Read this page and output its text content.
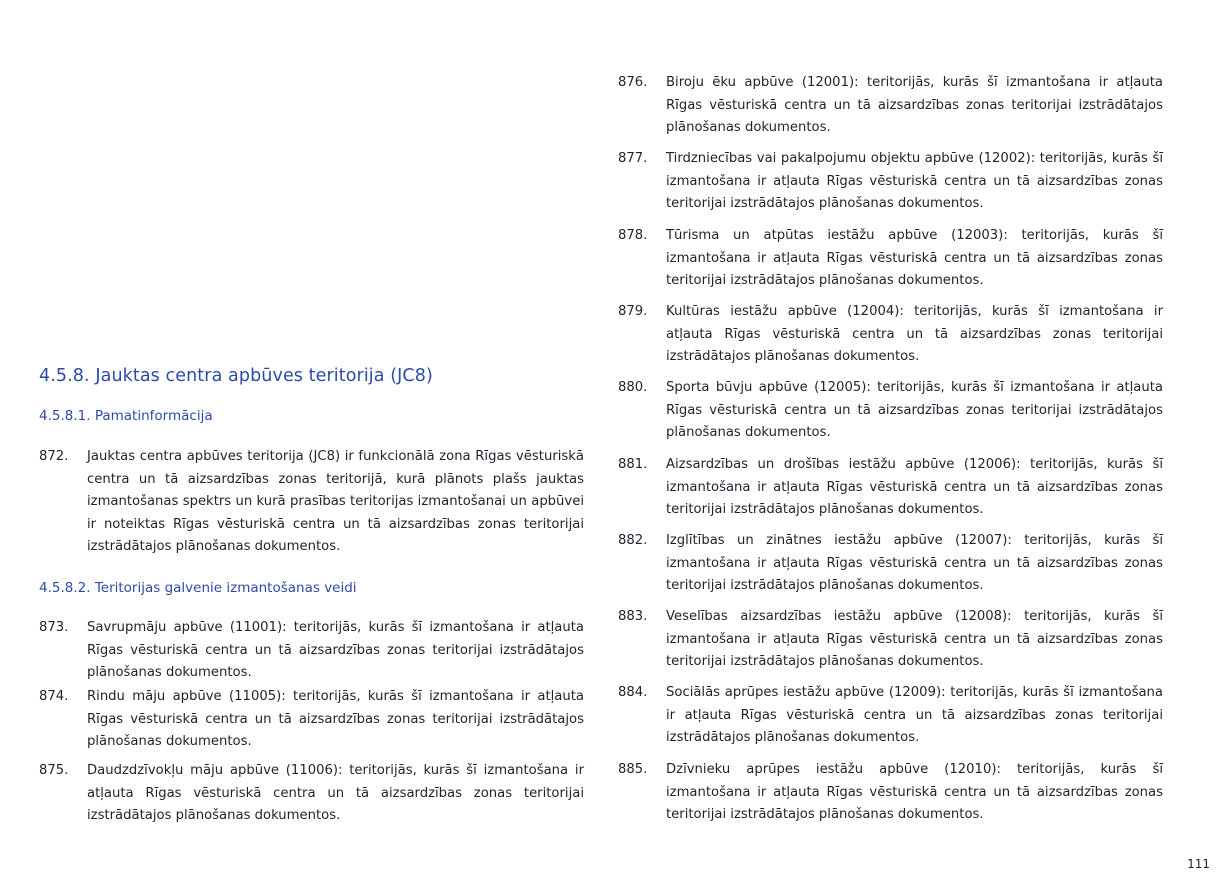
4.5.8. Jauktas centra apbūves teritorija (JC8)
4.5.8.1. Pamatinformācija
872.	Jauktas centra apbūves teritorija (JC8) ir funkcionālā zona Rīgas vēsturiskā centra un tā aizsardzības zonas teritorijā, kurā plānots plašs jauktas izmantošanas spektrs un kurā prasības teritorijas izmantošanai un apbūvei ir noteiktas Rīgas vēsturiskā centra un tā aizsardzības zonas teritorijai izstrādātajos plānošanas dokumentos.
4.5.8.2. Teritorijas galvenie izmantošanas veidi
873.	Savrupmāju apbūve (11001): teritorijās, kurās šī izmantošana ir atļauta Rīgas vēsturiskā centra un tā aizsardzības zonas teritorijai izstrādātajos plānošanas dokumentos.
874.	Rindu māju apbūve (11005): teritorijās, kurās šī izmantošana ir atļauta Rīgas vēsturiskā centra un tā aizsardzības zonas teritorijai izstrādātajos plānošanas dokumentos.
875.	Daudzdzīvokļu māju apbūve (11006): teritorijās, kurās šī izmantošana ir atļauta Rīgas vēsturiskā centra un tā aizsardzības zonas teritorijai izstrādātajos plānošanas dokumentos.
876.	Biroju ēku apbūve (12001): teritorijās, kurās šī izmantošana ir atļauta Rīgas vēsturiskā centra un tā aizsardzības zonas teritorijai izstrādātajos plānošanas dokumentos.
877.	Tirdzniecības vai pakalpojumu objektu apbūve (12002): teritorijās, kurās šī izmantošana ir atļauta Rīgas vēsturiskā centra un tā aizsardzības zonas teritorijai izstrādātajos plānošanas dokumentos.
878.	Tūrisma un atpūtas iestāžu apbūve (12003): teritorijās, kurās šī izmantošana ir atļauta Rīgas vēsturiskā centra un tā aizsardzības zonas teritorijai izstrādātajos plānošanas dokumentos.
879.	Kultūras iestāžu apbūve (12004): teritorijās, kurās šī izmantošana ir atļauta Rīgas vēsturiskā centra un tā aizsardzības zonas teritorijai izstrādātajos plānošanas dokumentos.
880.	Sporta būvju apbūve (12005): teritorijās, kurās šī izmantošana ir atļauta Rīgas vēsturiskā centra un tā aizsardzības zonas teritorijai izstrādātajos plānošanas dokumentos.
881.	Aizsardzības un drošības iestāžu apbūve (12006): teritorijās, kurās šī izmantošana ir atļauta Rīgas vēsturiskā centra un tā aizsardzības zonas teritorijai izstrādātajos plānošanas dokumentos.
882.	Izglītības un zinātnes iestāžu apbūve (12007): teritorijās, kurās šī izmantošana ir atļauta Rīgas vēsturiskā centra un tā aizsardzības zonas teritorijai izstrādātajos plānošanas dokumentos.
883.	Veselības aizsardzības iestāžu apbūve (12008): teritorijās, kurās šī izmantošana ir atļauta Rīgas vēsturiskā centra un tā aizsardzības zonas teritorijai izstrādātajos plānošanas dokumentos.
884.	Sociālās aprūpes iestāžu apbūve (12009): teritorijās, kurās šī izmantošana ir atļauta Rīgas vēsturiskā centra un tā aizsardzības zonas teritorijai izstrādātajos plānošanas dokumentos.
885.	Dzīvnieku aprūpes iestāžu apbūve (12010): teritorijās, kurās šī izmantošana ir atļauta Rīgas vēsturiskā centra un tā aizsardzības zonas teritorijai izstrādātajos plānošanas dokumentos.
111
